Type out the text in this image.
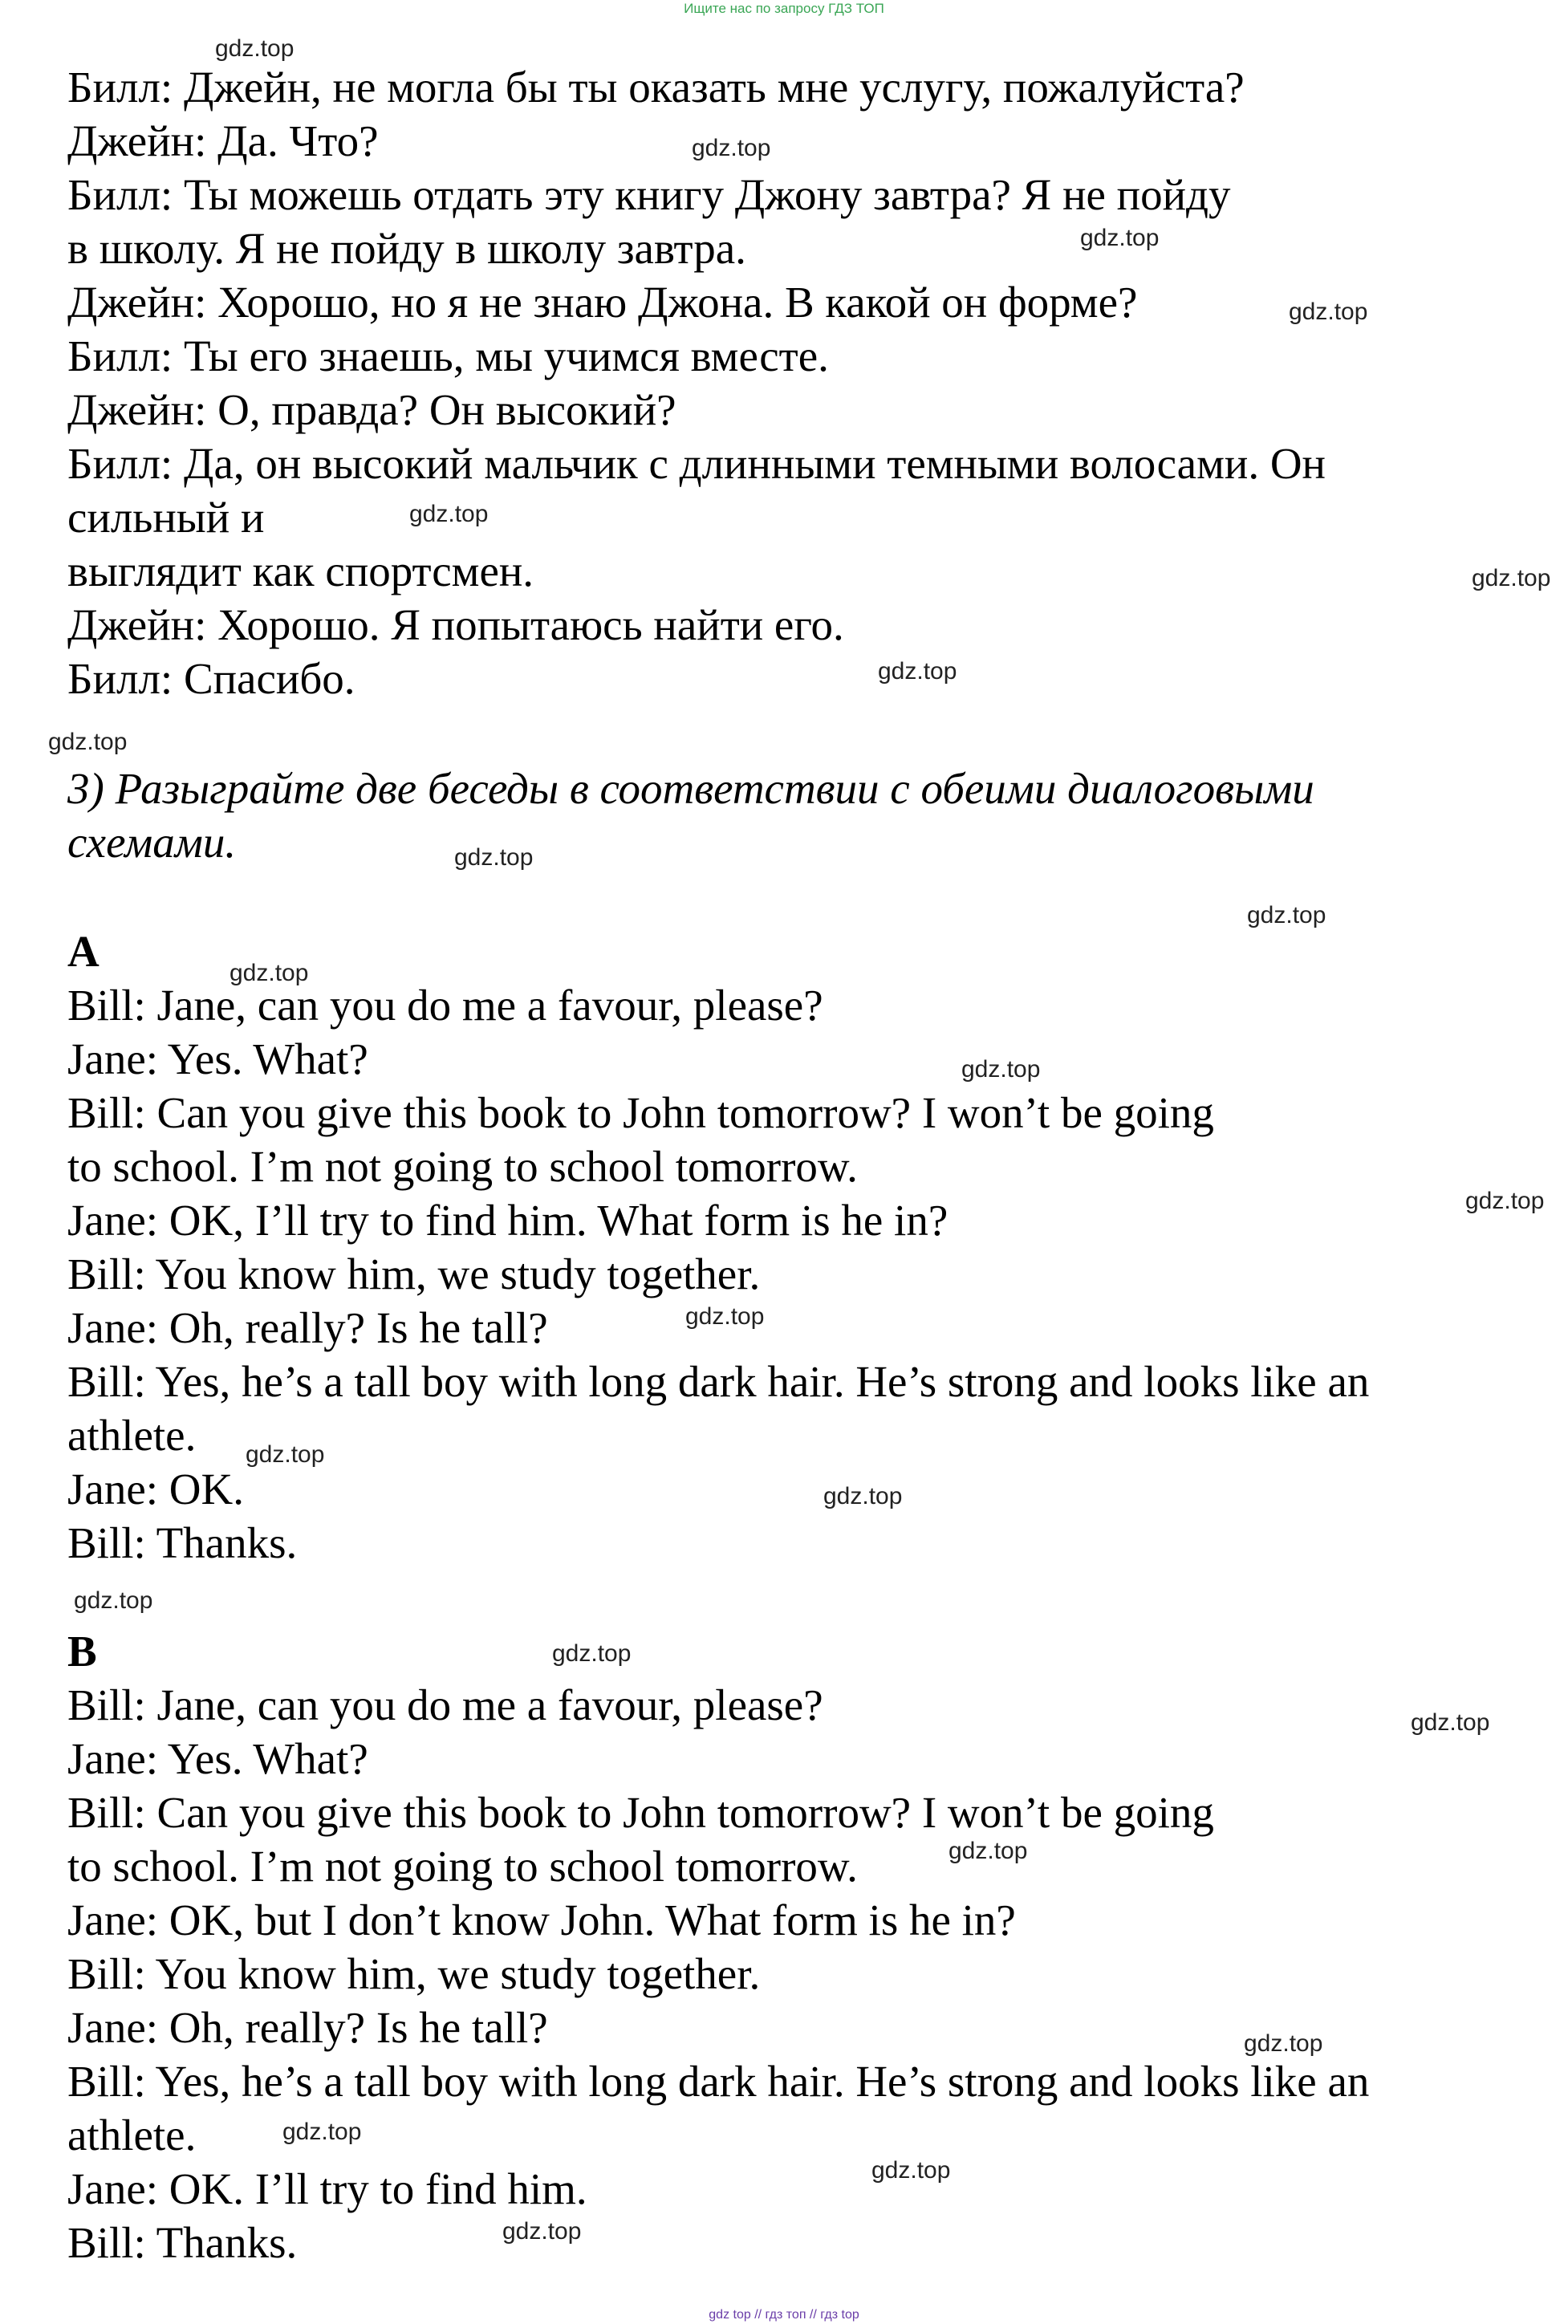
Ищите нас по запросу ГДЗ ТОП
Билл: Джейн, не могла бы ты оказать мне услугу, пожалуйста?
Джейн: Да. Что?
Билл: Ты можешь отдать эту книгу Джону завтра? Я не пойду
в школу. Я не пойду в школу завтра.
Джейн: Хорошо, но я не знаю Джона. В какой он форме?
Билл: Ты его знаешь, мы учимся вместе.
Джейн: О, правда? Он высокий?
Билл: Да, он высокий мальчик с длинными темными волосами. Он
сильный и
выглядит как спортсмен.
Джейн: Хорошо. Я попытаюсь найти его.
Билл: Спасибо.
3) Разыграйте две беседы в соответствии с обеими диалоговыми
схемами.
A
Bill: Jane, can you do me a favour, please?
Jane: Yes. What?
Bill: Can you give this book to John tomorrow? I won’t be going
to school. I’m not going to school tomorrow.
Jane: OK, I’ll try to find him. What form is he in?
Bill: You know him, we study together.
Jane: Oh, really? Is he tall?
Bill: Yes, he’s a tall boy with long dark hair. He’s strong and looks like an
athlete.
Jane: OK.
Bill: Thanks.
B
Bill: Jane, can you do me a favour, please?
Jane: Yes. What?
Bill: Can you give this book to John tomorrow? I won’t be going
to school. I’m not going to school tomorrow.
Jane: OK, but I don’t know John. What form is he in?
Bill: You know him, we study together.
Jane: Oh, really? Is he tall?
Bill: Yes, he’s a tall boy with long dark hair. He’s strong and looks like an
athlete.
Jane: OK. I’ll try to find him.
Bill: Thanks.
gdz.top
gdz.top
gdz.top
gdz.top
gdz.top
gdz.top
gdz.top
gdz.top
gdz.top
gdz.top
gdz.top
gdz.top
gdz.top
gdz.top
gdz.top
gdz.top
gdz.top
gdz.top
gdz.top
gdz.top
gdz.top
gdz.top
gdz.top
gdz.top
gdz top // гдз топ // гдз top
